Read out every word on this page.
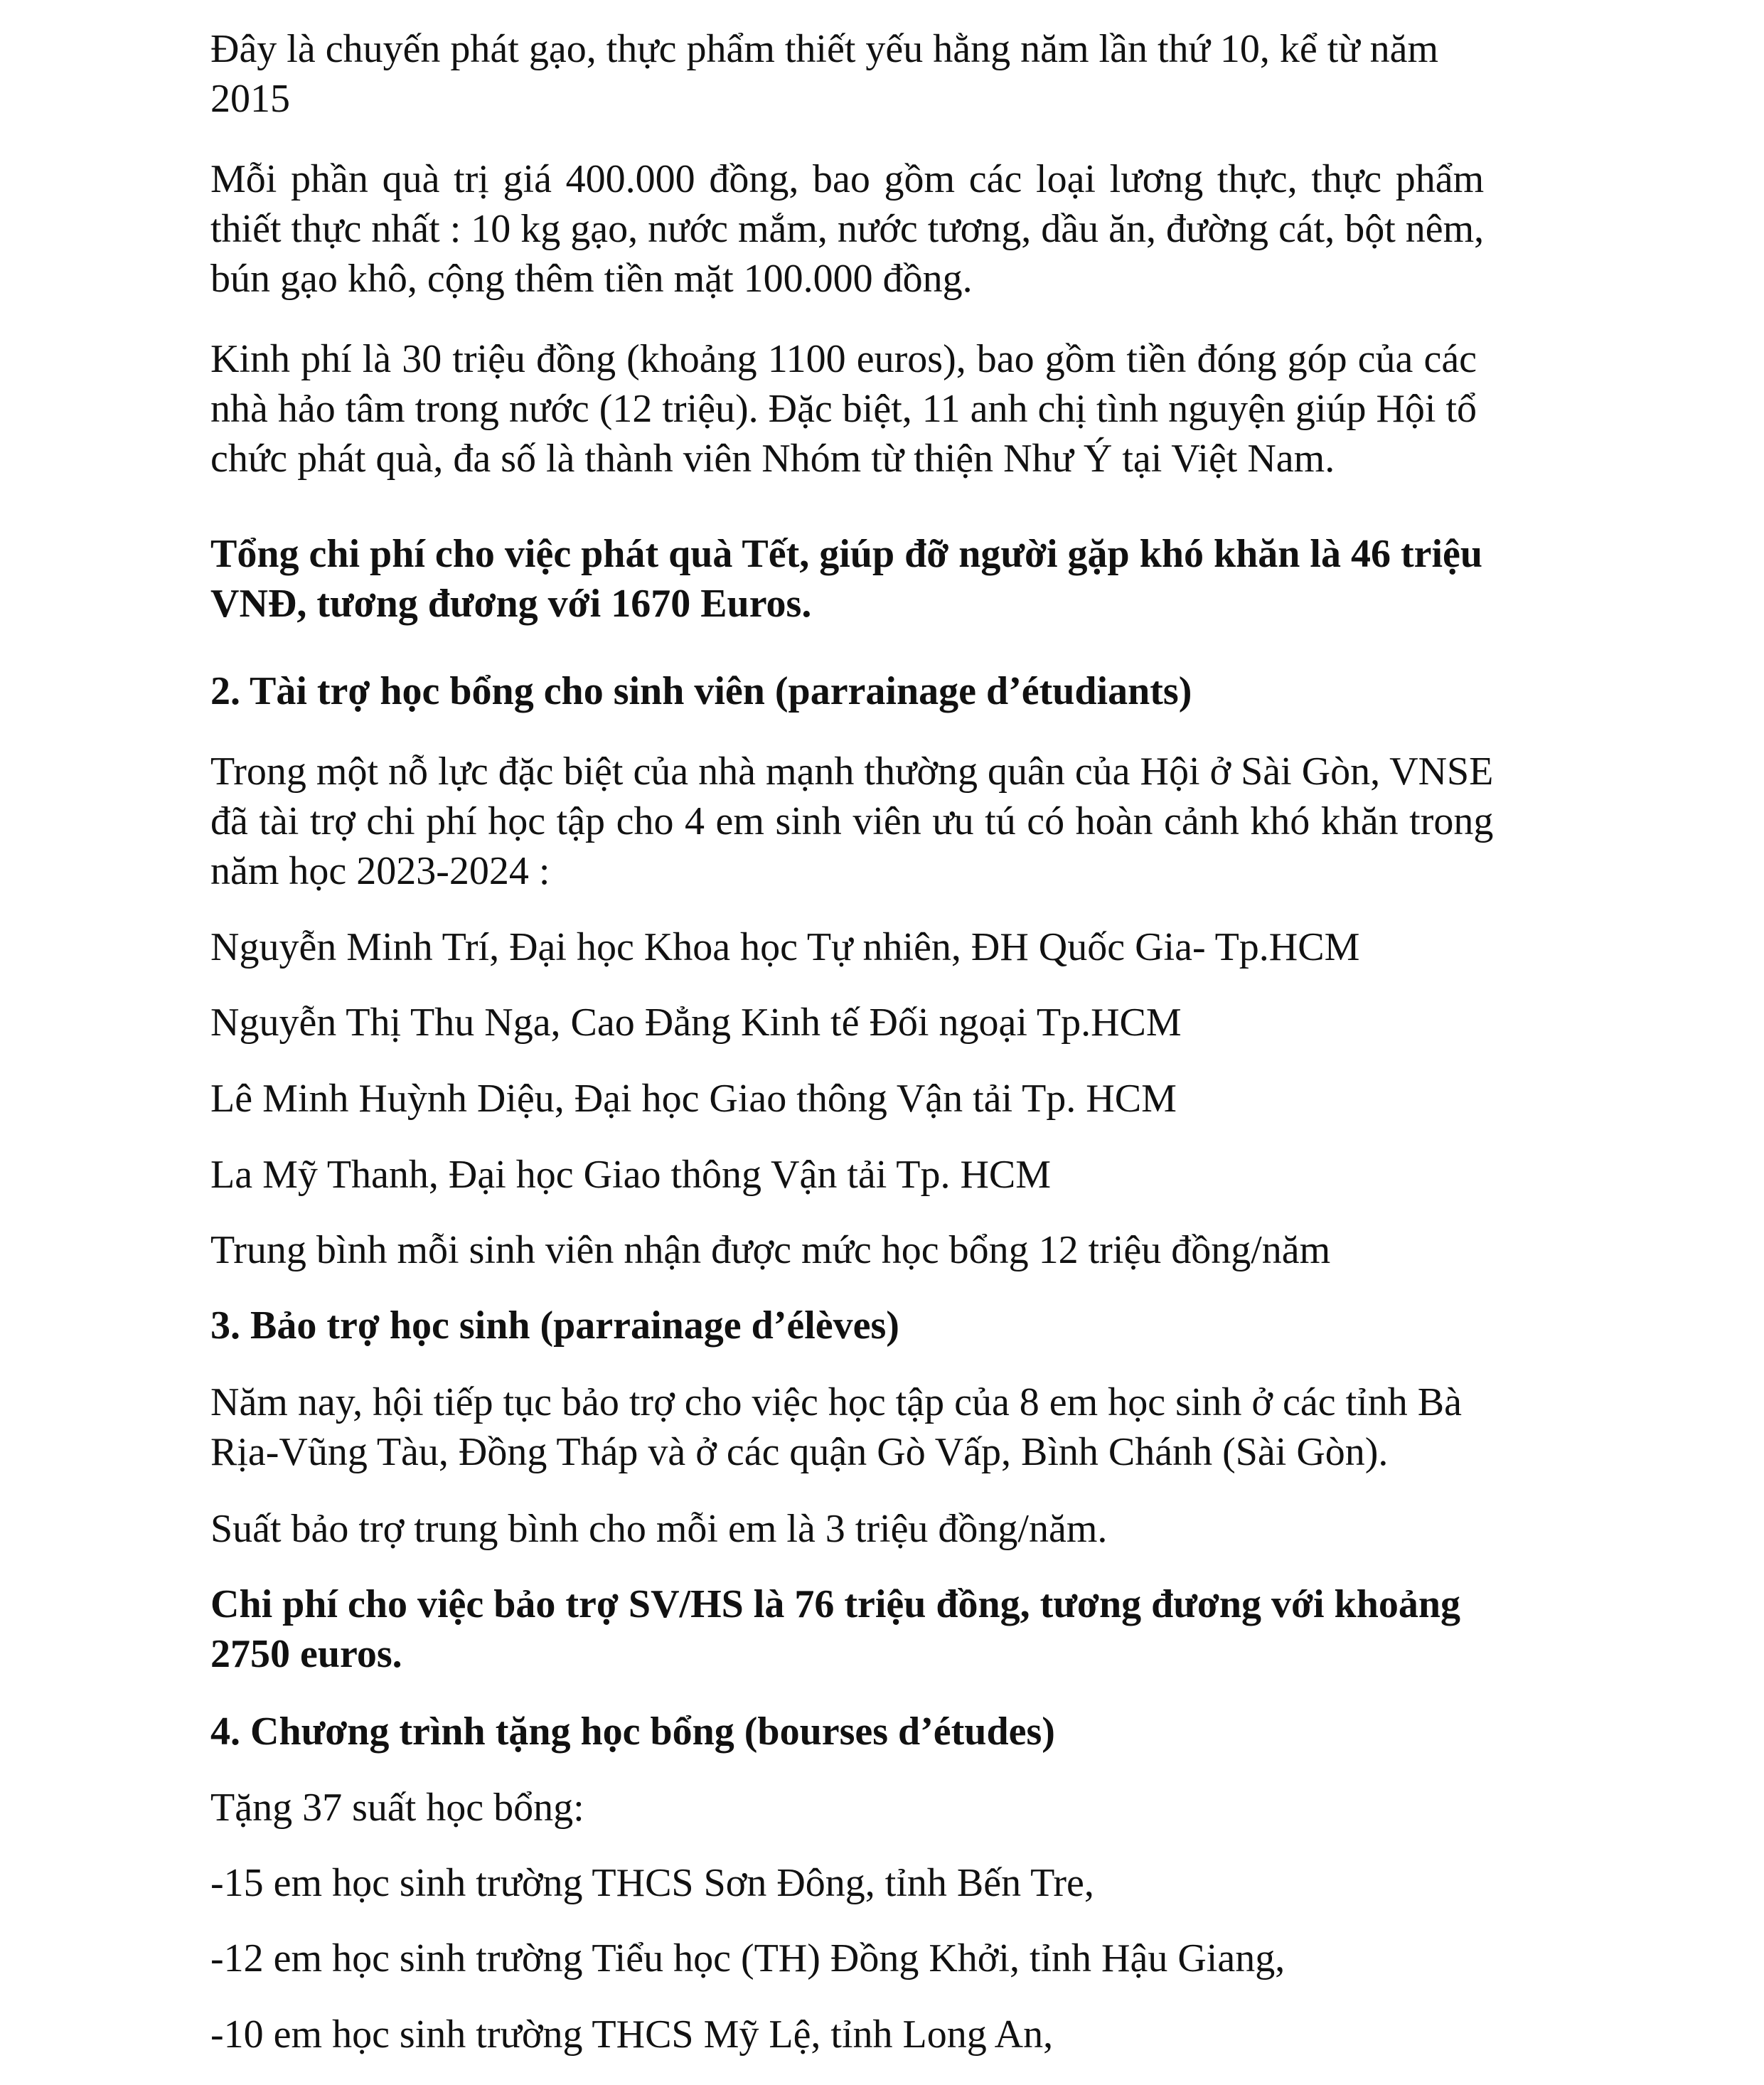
Đây là chuyến phát gạo, thực phẩm thiết yếu hằng năm lần thứ 10, kể từ năm
2015
Mỗi phần quà trị giá 400.000 đồng, bao gồm các loại lương thực, thực phẩm
thiết thực nhất : 10 kg gạo, nước mắm, nước tương, dầu ăn, đường cát, bột nêm,
bún gạo khô, cộng thêm tiền mặt 100.000 đồng.
Kinh phí là 30 triệu đồng (khoảng 1100 euros), bao gồm tiền đóng góp của các
nhà hảo tâm trong nước (12 triệu). Đặc biệt, 11 anh chị tình nguyện giúp Hội tổ
chức phát quà, đa số là thành viên Nhóm từ thiện Như Ý tại Việt Nam.
Tổng chi phí cho việc phát quà Tết, giúp đỡ người gặp khó khăn là 46 triệu
VNĐ, tương đương với 1670 Euros.

2. Tài trợ học bổng cho sinh viên (parrainage d’étudiants)

Trong một nỗ lực đặc biệt của nhà mạnh thường quân của Hội ở Sài Gòn, VNSE
đã tài trợ chi phí học tập cho 4 em sinh viên ưu tú có hoàn cảnh khó khăn trong
năm học 2023-2024 :

Nguyễn Minh Trí, Đại học Khoa học Tự nhiên, ĐH Quốc Gia- Tp.HCM

Nguyễn Thị Thu Nga, Cao Đẳng Kinh tế Đối ngoại Tp.HCM

Lê Minh Huỳnh Diệu, Đại học Giao thông Vận tải Tp. HCM

La Mỹ Thanh, Đại học Giao thông Vận tải Tp. HCM

Trung bình mỗi sinh viên nhận được mức học bổng 12 triệu đồng/năm

3. Bảo trợ học sinh (parrainage d’élèves)

Năm nay, hội tiếp tục bảo trợ cho việc học tập của 8 em học sinh ở các tỉnh Bà
Rịa-Vũng Tàu, Đồng Tháp và ở các quận Gò Vấp, Bình Chánh (Sài Gòn).

Suất bảo trợ trung bình cho mỗi em là 3 triệu đồng/năm.

Chi phí cho việc bảo trợ SV/HS là 76 triệu đồng, tương đương với khoảng
2750 euros.

4. Chương trình tặng học bổng (bourses d’études)

Tặng 37 suất học bổng:

-15 em học sinh trường THCS Sơn Đông, tỉnh Bến Tre,

-12 em học sinh trường Tiểu học (TH) Đồng Khởi, tỉnh Hậu Giang,

-10 em học sinh trường THCS Mỹ Lệ, tỉnh Long An,
